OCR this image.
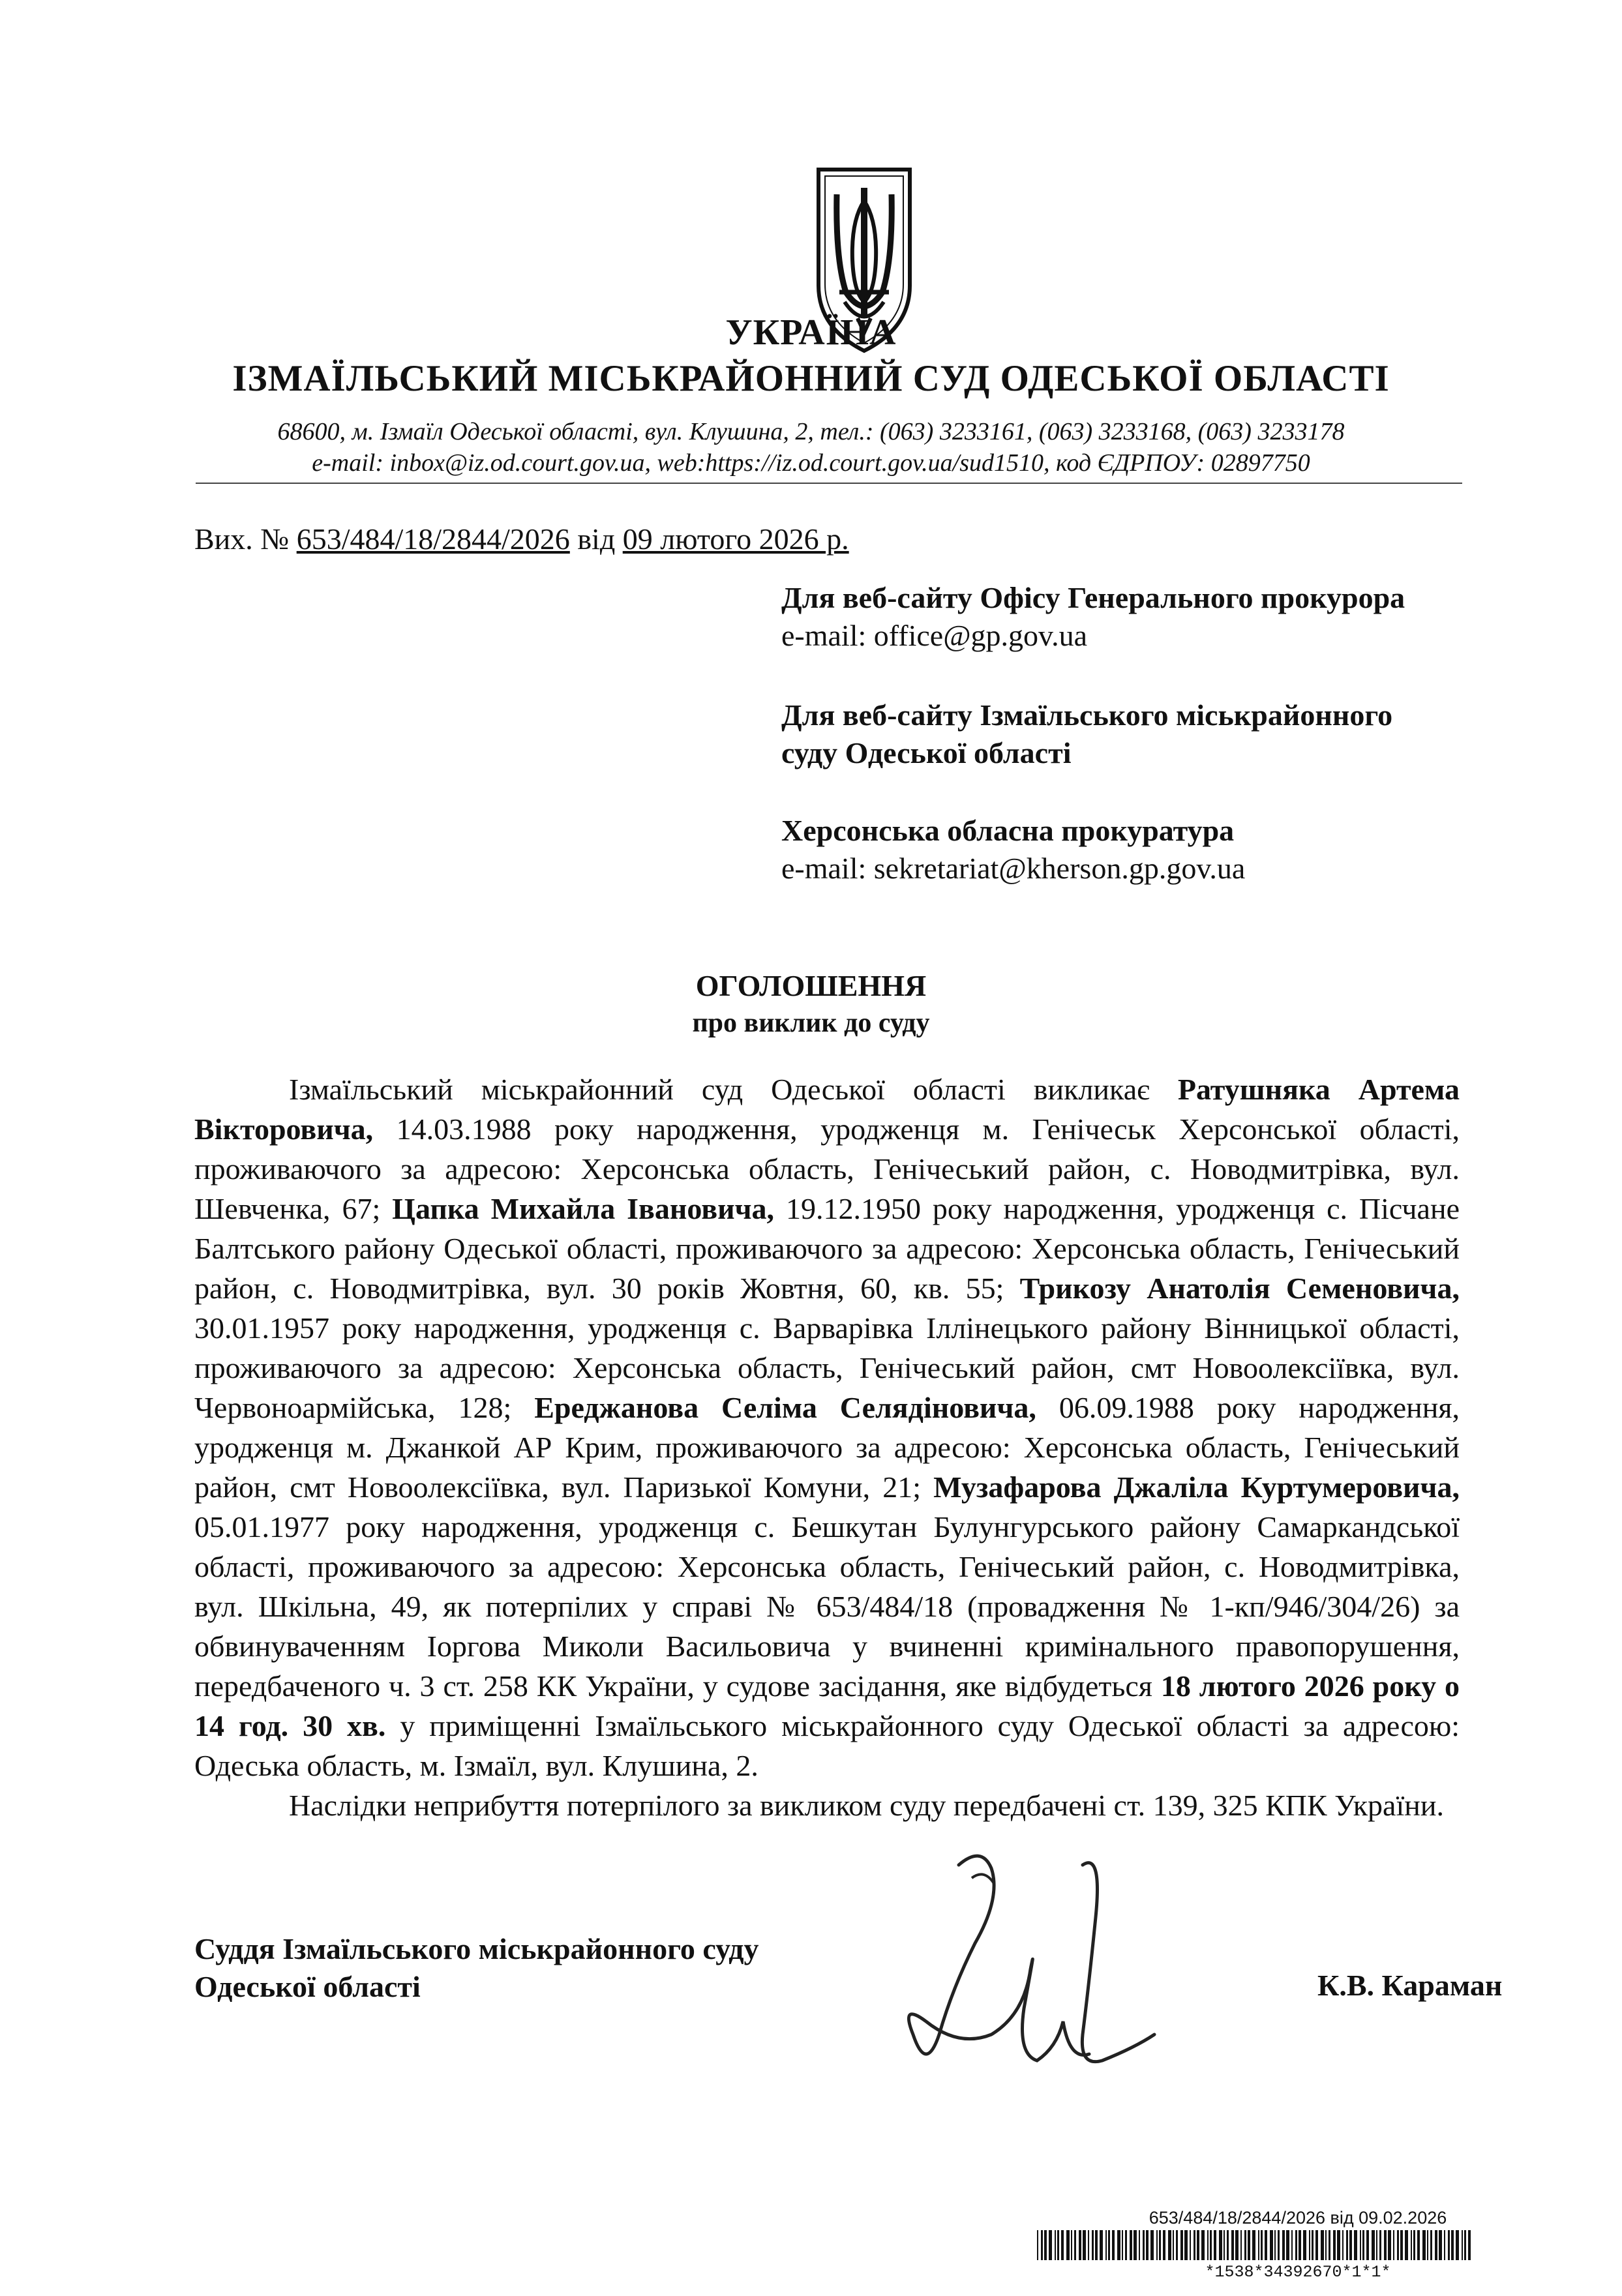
УКРАЇНА
ІЗМАЇЛЬСЬКИЙ МІСЬКРАЙОННИЙ СУД ОДЕСЬКОЇ ОБЛАСТІ
68600, м. Ізмаїл Одеської області, вул. Клушина, 2, тел.: (063) 3233161, (063) 3233168, (063) 3233178
e-mail: inbox@iz.od.court.gov.ua, web:https://iz.od.court.gov.ua/sud1510, код ЄДРПОУ: 02897750
Вих. № 653/484/18/2844/2026 від 09 лютого 2026 р.
Для веб-сайту Офісу Генерального прокурора
e-mail: office@gp.gov.ua
Для веб-сайту Ізмаїльського міськрайонного
суду Одеської області
Херсонська обласна прокуратура
e-mail: sekretariat@kherson.gp.gov.ua
ОГОЛОШЕННЯ
про виклик до суду

Ізмаїльський міськрайонний суд Одеської області викликає Ратушняка Артема Вікторовича, 14.03.1988 року народження, уродженця м. Генічеськ Херсонської області, проживаючого за адресою: Херсонська область, Генічеський район, с. Новодмитрівка, вул. Шевченка, 67; Цапка Михайла Івановича, 19.12.1950 року народження, уродженця с. Пісчане Балтського району Одеської області, проживаючого за адресою: Херсонська область, Генічеський район, с. Новодмитрівка, вул. 30 років Жовтня, 60, кв. 55; Трикозу Анатолія Семеновича, 30.01.1957 року народження, уродженця с. Варварівка Іллінецького району Вінницької області, проживаючого за адресою: Херсонська область, Генічеський район, смт Новоолексіївка, вул. Червоноармійська, 128; Ереджанова Селіма Селядіновича, 06.09.1988 року народження, уродженця м. Джанкой АР Крим, проживаючого за адресою: Херсонська область, Генічеський район, смт Новоолексіївка, вул. Паризької Комуни, 21; Музафарова Джаліла Куртумеровича, 05.01.1977 року народження, уродженця с. Бешкутан Булунгурського району Самаркандської області, проживаючого за адресою: Херсонська область, Генічеський район, с. Новодмитрівка, вул. Шкільна, 49, як потерпілих у справі № 653/484/18 (провадження № 1-кп/946/304/26) за обвинуваченням Іоргова Миколи Васильовича у вчиненні кримінального правопорушення, передбаченого ч. 3 ст. 258 КК України, у судове засідання, яке відбудеться 18 лютого 2026 року о 14 год. 30 хв. у приміщенні Ізмаїльського міськрайонного суду Одеської області за адресою: Одеська область, м. Ізмаїл, вул. Клушина, 2.

Наслідки неприбуття потерпілого за викликом суду передбачені ст. 139, 325 КПК України.

Суддя Ізмаїльського міськрайонного суду
Одеської області	К.В. Караман
653/484/18/2844/2026 від 09.02.2026
*1538*34392670*1*1*
